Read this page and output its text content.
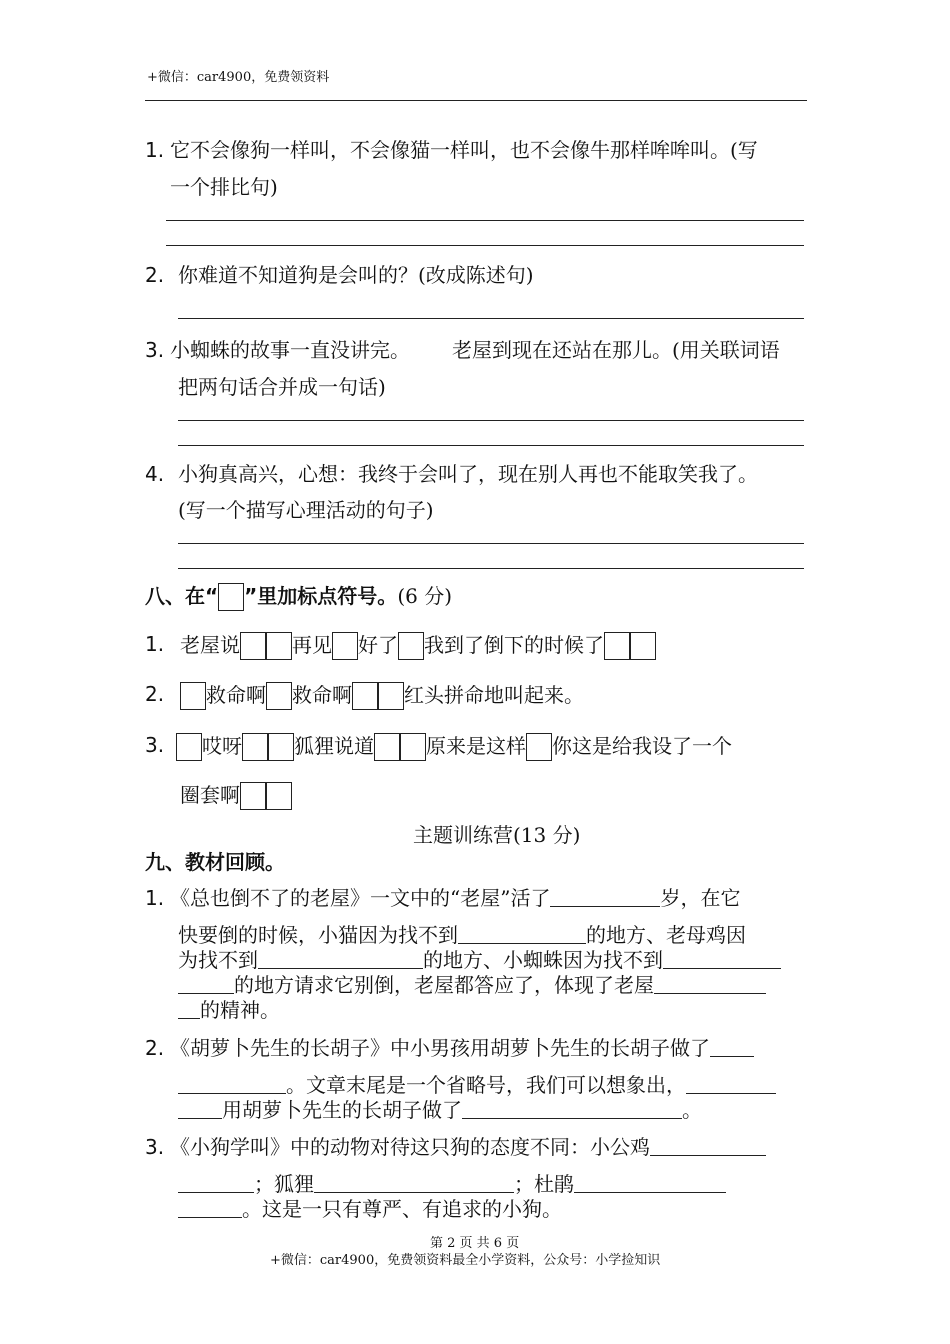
+微信：car4900，免费领资料
1. 它不会像狗一样叫，不会像猫一样叫，也不会像牛那样哞哞叫。(写
一个排比句)
2. 你难道不知道狗是会叫的？(改成陈述句)
3. 小蜘蛛的故事一直没讲完。 老屋到现在还站在那儿。(用关联词语
把两句话合并成一句话)
4. 小狗真高兴，心想：我终于会叫了，现在别人再也不能取笑我了。
(写一个描写心理活动的句子)
八、在“ ”里加标点符号。(6 分)
1. 老屋说	再见 好了 我到了倒下的时候了
2.	救命啊 救命啊	红头拼命地叫起来。
3.	哎呀	狐狸说道	原来是这样 你这是给我设了一个
圈套啊
主题训练营(13 分)
九、教材回顾。
1. 《总也倒不了的老屋》一文中的“老屋”活了	岁，在它
快要倒的时候，小猫因为找不到	的地方、老母鸡因
为找不到	的地方、小蜘蛛因为找不到
的地方请求它别倒，老屋都答应了，体现了老屋
的精神。
2. 《胡萝卜先生的长胡子》中小男孩用胡萝卜先生的长胡子做了
。文章末尾是一个省略号，我们可以想象出，
用胡萝卜先生的长胡子做了	。
3. 《小狗学叫》中的动物对待这只狗的态度不同：小公鸡
；狐狸	；杜鹃
。这是一只有尊严、有追求的小狗。
第 2 页 共 6 页
+微信：car4900，免费领资料最全小学资料，公众号：小学捡知识
